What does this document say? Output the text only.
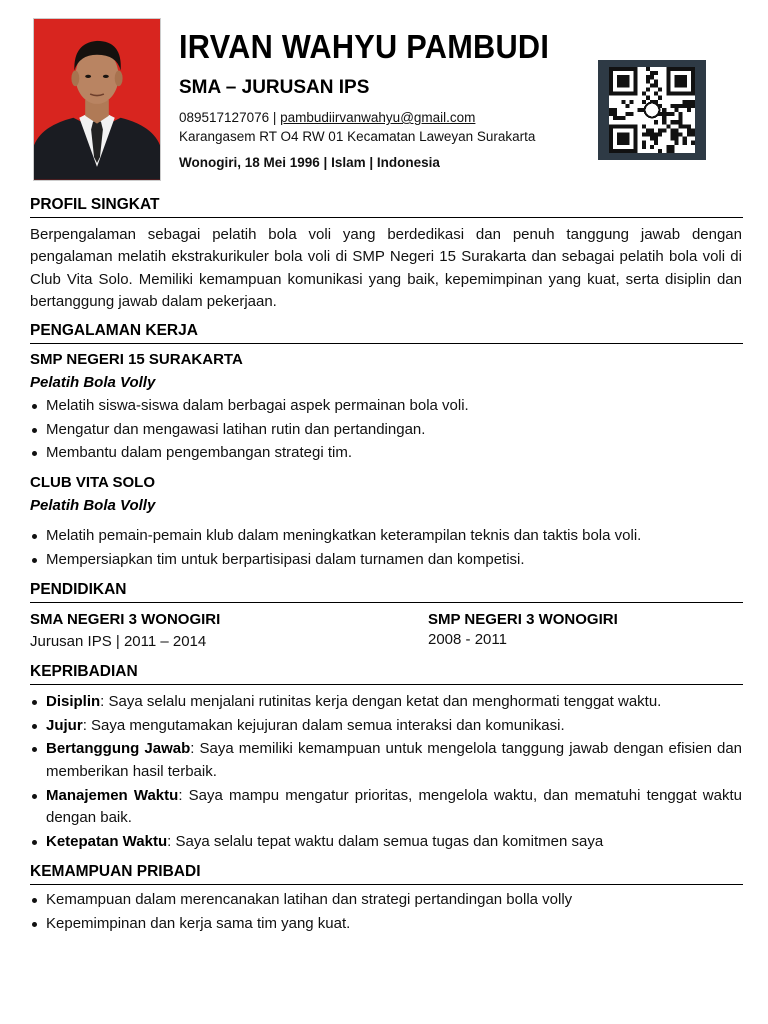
IRVAN WAHYU PAMBUDI
SMA – JURUSAN IPS
089517127076 | pambudiirvanwahyu@gmail.com
Karangasem RT O4 RW 01 Kecamatan Laweyan Surakarta
Wonogiri, 18 Mei 1996 | Islam | Indonesia
PROFIL SINGKAT
Berpengalaman sebagai pelatih bola voli yang berdedikasi dan penuh tanggung jawab dengan pengalaman melatih ekstrakurikuler bola voli di SMP Negeri 15 Surakarta dan sebagai pelatih bola voli di Club Vita Solo. Memiliki kemampuan komunikasi yang baik, kepemimpinan yang kuat, serta disiplin dan bertanggung jawab dalam pekerjaan.
PENGALAMAN KERJA
SMP NEGERI 15 SURAKARTA
Pelatih Bola Volly
Melatih siswa-siswa dalam berbagai aspek permainan bola voli.
Mengatur dan mengawasi latihan rutin dan pertandingan.
Membantu dalam pengembangan strategi tim.
CLUB VITA SOLO
Pelatih Bola Volly
Melatih pemain-pemain klub dalam meningkatkan keterampilan teknis dan taktis bola voli.
Mempersiapkan tim untuk berpartisipasi dalam turnamen dan kompetisi.
PENDIDIKAN
SMA NEGERI 3 WONOGIRI
Jurusan IPS | 2011 – 2014
SMP NEGERI 3 WONOGIRI
2008 - 2011
KEPRIBADIAN
Disiplin: Saya selalu menjalani rutinitas kerja dengan ketat dan menghormati tenggat waktu.
Jujur: Saya mengutamakan kejujuran dalam semua interaksi dan komunikasi.
Bertanggung Jawab: Saya memiliki kemampuan untuk mengelola tanggung jawab dengan efisien dan memberikan hasil terbaik.
Manajemen Waktu: Saya mampu mengatur prioritas, mengelola waktu, dan mematuhi tenggat waktu dengan baik.
Ketepatan Waktu: Saya selalu tepat waktu dalam semua tugas dan komitmen saya
KEMAMPUAN PRIBADI
Kemampuan dalam merencanakan latihan dan strategi pertandingan bolla volly
Kepemimpinan dan kerja sama tim yang kuat.
